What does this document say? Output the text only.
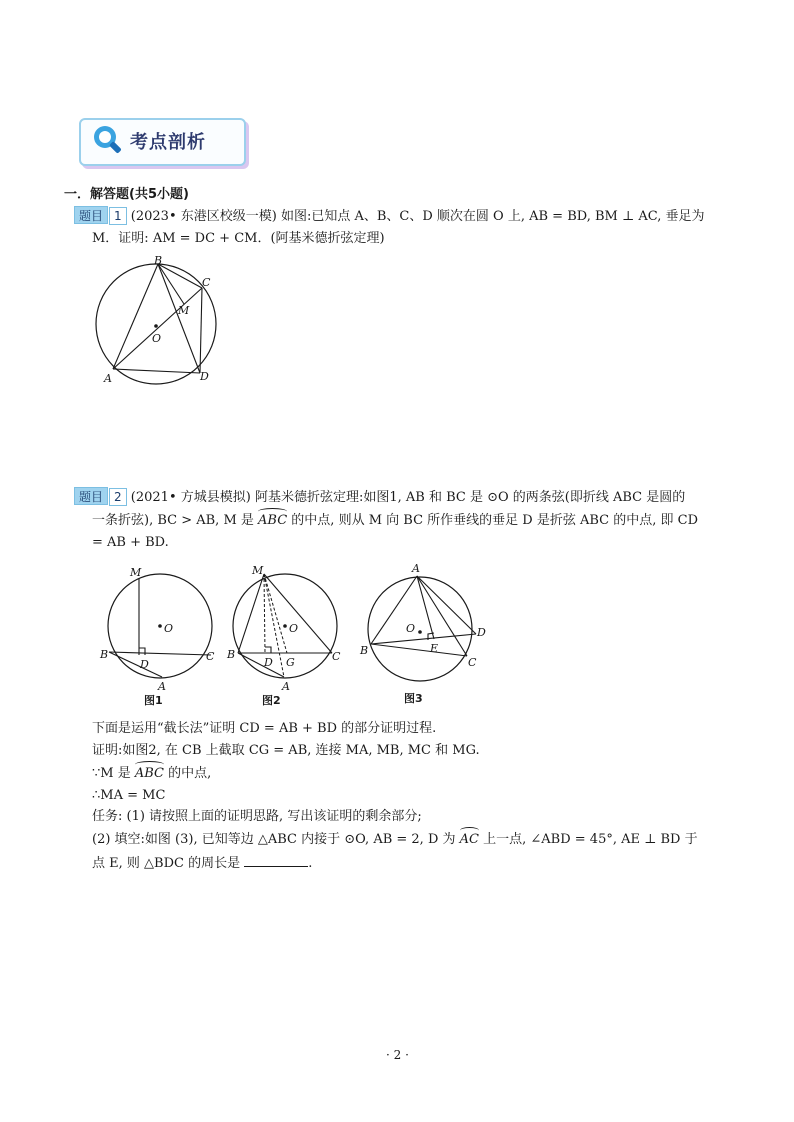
考点剖析
一．解答题(共5小题)
题目 1 (2023• 东港区校级一模) 如图:已知点 A、B、C、D 顺次在圆 O 上, AB = BD, BM ⊥ AC, 垂足为
M．证明: AM = DC + CM．(阿基米德折弦定理)
B
C
M
O
A	D
题目 2 (2021• 方城县模拟) 阿基米德折弦定理:如图1, AB 和 BC 是 ⊙O 的两条弦(即折线 ABC 是圆的
一条折弦), BC > AB, M 是 ABC 的中点, 则从 M 向 BC 所作垂线的垂足 D 是折弦 ABC 的中点, 即 CD
= AB + BD.
M
O
B
D
C
A
图1
M
O
B
D G	C
A
图2
A
O
B	E
D
C
图3
下面是运用“截长法”证明 CD = AB + BD 的部分证明过程.
证明:如图2, 在 CB 上截取 CG = AB, 连接 MA, MB, MC 和 MG.
∵M 是 ABC 的中点,
∴MA = MC
任务: (1) 请按照上面的证明思路, 写出该证明的剩余部分;
(2) 填空:如图 (3), 已知等边 △ABC 内接于 ⊙O, AB = 2, D 为 AC 上一点, ∠ABD = 45°, AE ⊥ BD 于
点 E, 则 △BDC 的周长是	.
· 2 ·
